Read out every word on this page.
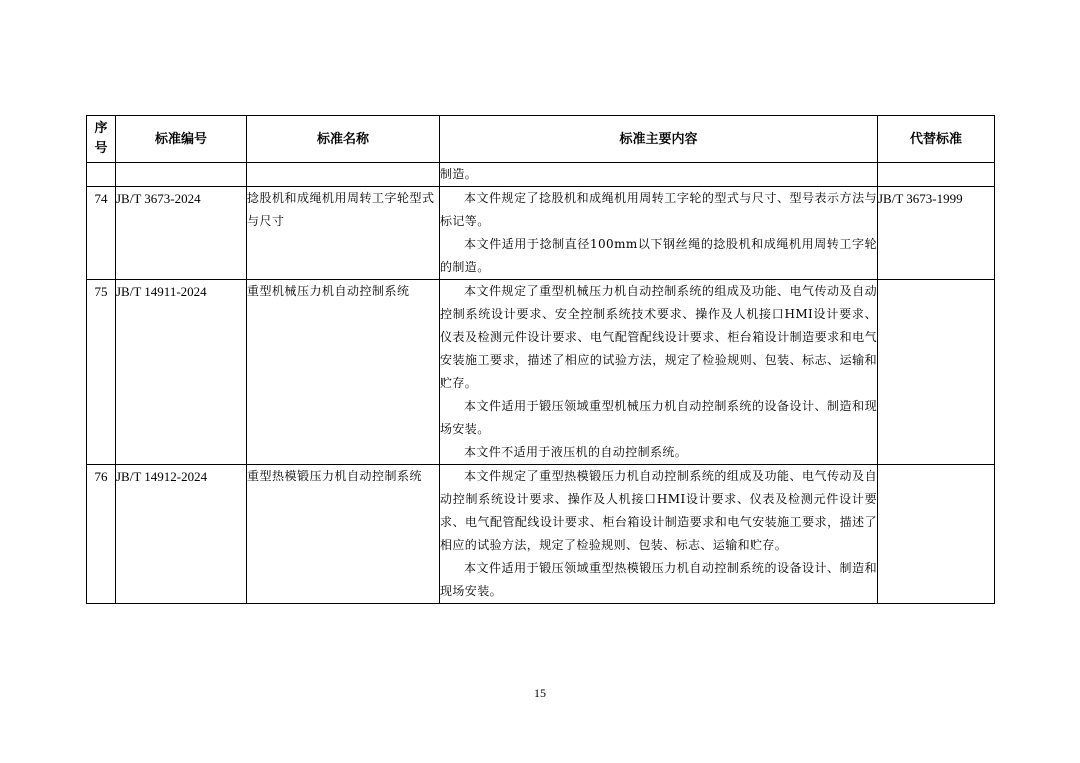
序号	标准编号	标准名称	标准主要内容	代替标准

			制造。	

74	JB/T 3673-2024	捻股机和成绳机用周转工字轮型式与尺寸	本文件规定了捻股机和成绳机用周转工字轮的型式与尺寸、型号表示方法与标记等。

本文件适用于捻制直径100mm以下钢丝绳的捻股机和成绳机用周转工字轮的制造。	JB/T 3673-1999
75	JB/T 14911-2024	重型机械压力机自动控制系统	本文件规定了重型机械压力机自动控制系统的组成及功能、电气传动及自动控制系统设计要求、安全控制系统技术要求、操作及人机接口HMI设计要求、仪表及检测元件设计要求、电气配管配线设计要求、柜台箱设计制造要求和电气安装施工要求，描述了相应的试验方法，规定了检验规则、包装、标志、运输和贮存。

本文件适用于锻压领域重型机械压力机自动控制系统的设备设计、制造和现场安装。

本文件不适用于液压机的自动控制系统。	

76	JB/T 14912-2024	重型热模锻压力机自动控制系统	本文件规定了重型热模锻压力机自动控制系统的组成及功能、电气传动及自动控制系统设计要求、操作及人机接口HMI设计要求、仪表及检测元件设计要求、电气配管配线设计要求、柜台箱设计制造要求和电气安装施工要求，描述了相应的试验方法，规定了检验规则、包装、标志、运输和贮存。

本文件适用于锻压领域重型热模锻压力机自动控制系统的设备设计、制造和现场安装。	

15
